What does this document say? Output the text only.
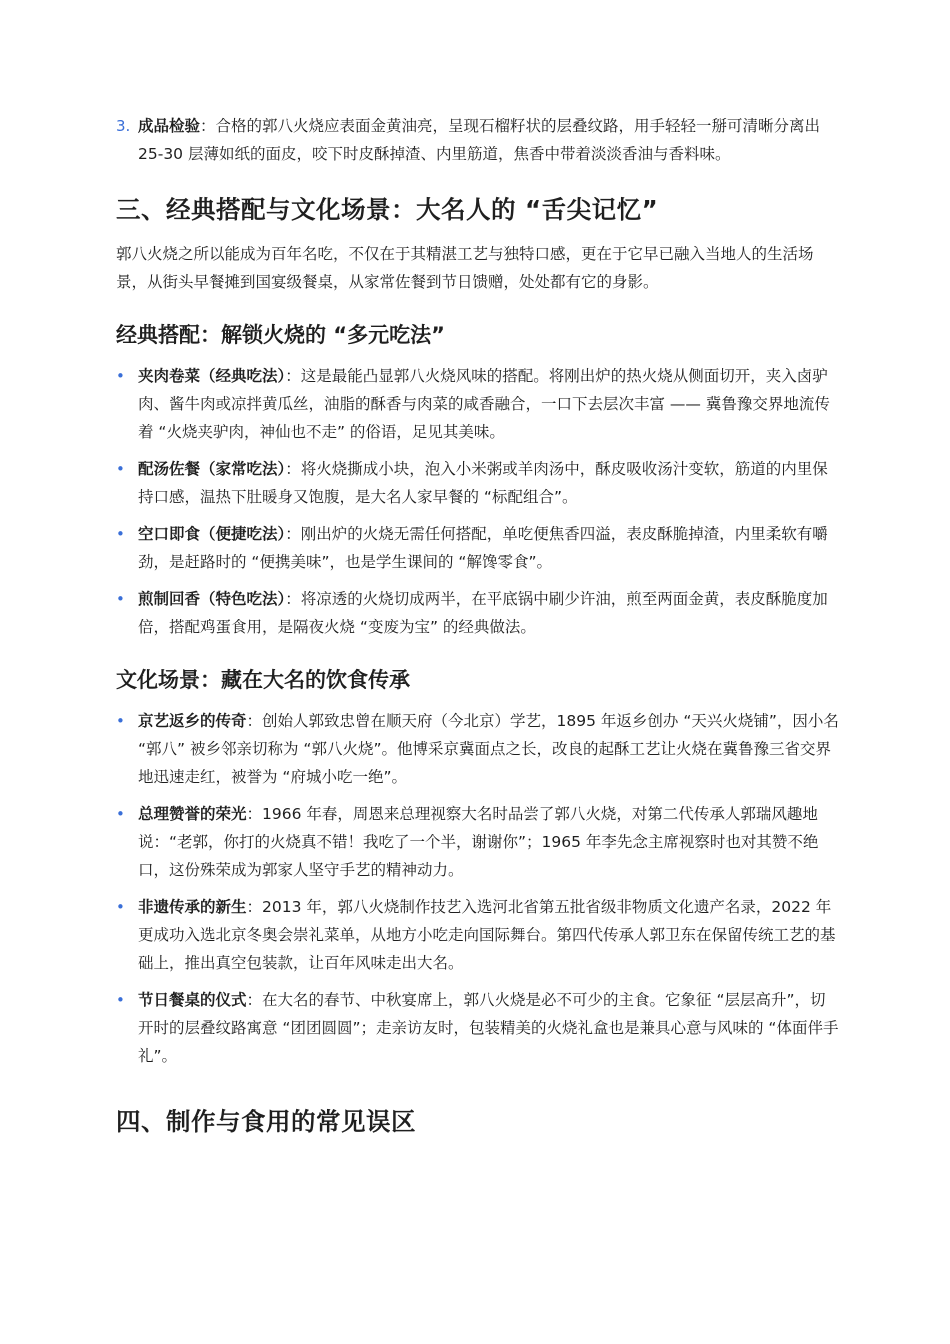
3. 成品检验：合格的郭八火烧应表面金黄油亮，呈现石榴籽状的层叠纹路，用手轻轻一掰可清晰分离出 25-30 层薄如纸的面皮，咬下时皮酥掉渣、内里筋道，焦香中带着淡淡香油与香料味。
三、经典搭配与文化场景：大名人的 “舌尖记忆”

郭八火烧之所以能成为百年名吃，不仅在于其精湛工艺与独特口感，更在于它早已融入当地人的生活场景，从街头早餐摊到国宴级餐桌，从家常佐餐到节日馈赠，处处都有它的身影。

经典搭配：解锁火烧的 “多元吃法”
• 夹肉卷菜（经典吃法）：这是最能凸显郭八火烧风味的搭配。将刚出炉的热火烧从侧面切开，夹入卤驴肉、酱牛肉或凉拌黄瓜丝，油脂的酥香与肉菜的咸香融合，一口下去层次丰富 —— 冀鲁豫交界地流传着 “火烧夹驴肉，神仙也不走” 的俗语，足见其美味。
• 配汤佐餐（家常吃法）：将火烧撕成小块，泡入小米粥或羊肉汤中，酥皮吸收汤汁变软，筋道的内里保持口感，温热下肚暖身又饱腹，是大名人家早餐的 “标配组合”。
• 空口即食（便捷吃法）：刚出炉的火烧无需任何搭配，单吃便焦香四溢，表皮酥脆掉渣，内里柔软有嚼劲，是赶路时的 “便携美味”，也是学生课间的 “解馋零食”。
• 煎制回香（特色吃法）：将凉透的火烧切成两半，在平底锅中刷少许油，煎至两面金黄，表皮酥脆度加倍，搭配鸡蛋食用，是隔夜火烧 “变废为宝” 的经典做法。
文化场景：藏在大名的饮食传承
• 京艺返乡的传奇：创始人郭致忠曾在顺天府（今北京）学艺，1895 年返乡创办 “天兴火烧铺”，因小名 “郭八” 被乡邻亲切称为 “郭八火烧”。他博采京冀面点之长，改良的起酥工艺让火烧在冀鲁豫三省交界地迅速走红，被誉为 “府城小吃一绝”。
• 总理赞誉的荣光：1966 年春，周恩来总理视察大名时品尝了郭八火烧，对第二代传承人郭瑞风趣地说：“老郭，你打的火烧真不错！我吃了一个半，谢谢你”；1965 年李先念主席视察时也对其赞不绝口，这份殊荣成为郭家人坚守手艺的精神动力。
• 非遗传承的新生：2013 年，郭八火烧制作技艺入选河北省第五批省级非物质文化遗产名录，2022 年更成功入选北京冬奥会崇礼菜单，从地方小吃走向国际舞台。第四代传承人郭卫东在保留传统工艺的基础上，推出真空包装款，让百年风味走出大名。
• 节日餐桌的仪式：在大名的春节、中秋宴席上，郭八火烧是必不可少的主食。它象征 “层层高升”，切开时的层叠纹路寓意 “团团圆圆”；走亲访友时，包装精美的火烧礼盒也是兼具心意与风味的 “体面伴手礼”。
四、制作与食用的常见误区
